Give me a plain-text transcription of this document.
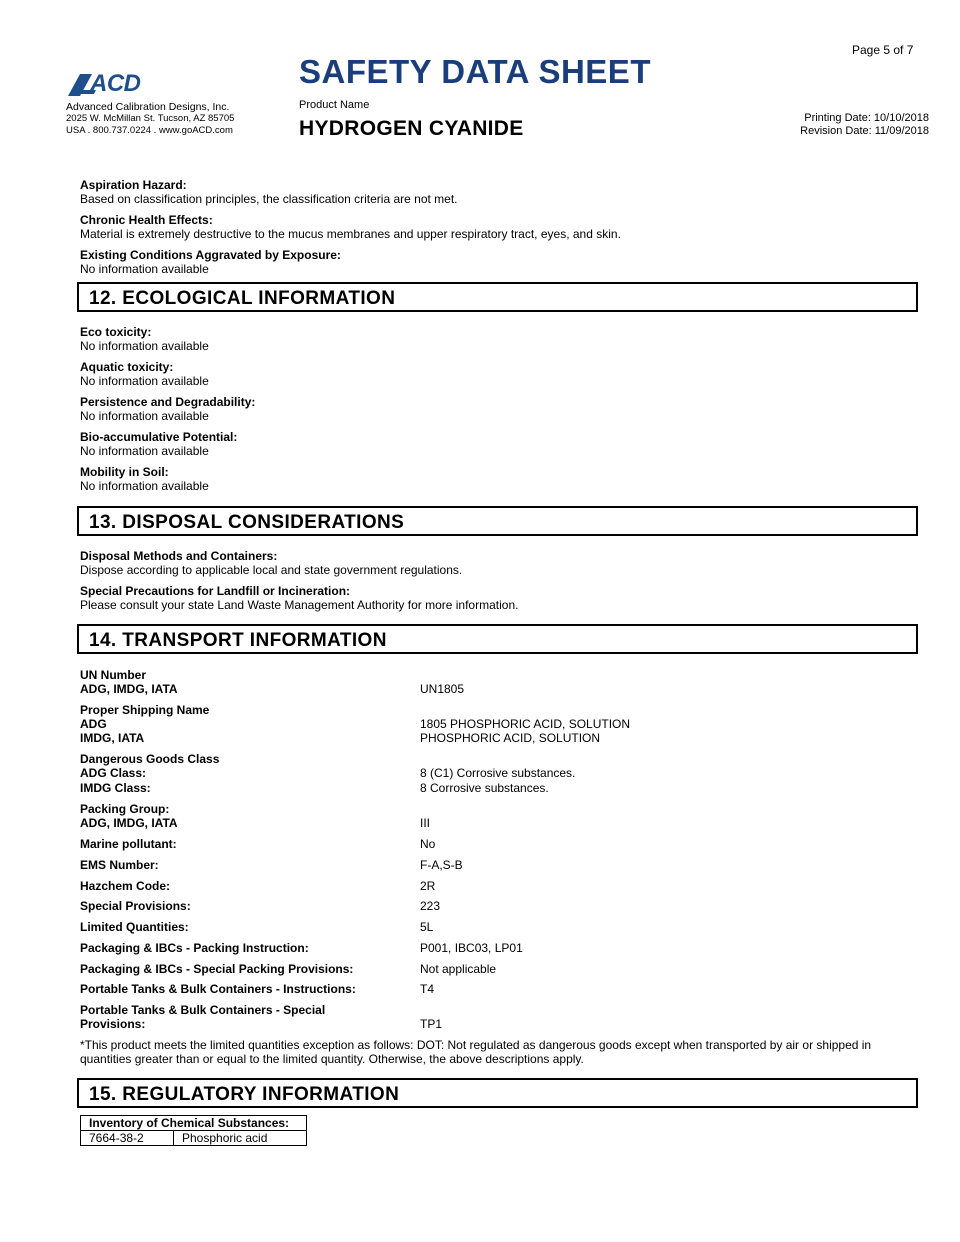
ACD
Advanced Calibration Designs, Inc.
2025 W. McMillan St. Tucson, AZ 85705
USA . 800.737.0224 . www.goACD.com
SAFETY DATA SHEET
Product Name
HYDROGEN CYANIDE
Page 5 of 7
Printing Date: 10/10/2018
Revision Date: 11/09/2018
Aspiration Hazard:
Based on classification principles, the classification criteria are not met.
Chronic Health Effects:
Material is extremely destructive to the mucus membranes and upper respiratory tract, eyes, and skin.
Existing Conditions Aggravated by Exposure:
No information available
12. ECOLOGICAL INFORMATION
Eco toxicity:
No information available
Aquatic toxicity:
No information available
Persistence and Degradability:
No information available
Bio-accumulative Potential:
No information available
Mobility in Soil:
No information available
13. DISPOSAL CONSIDERATIONS
Disposal Methods and Containers:
Dispose according to applicable local and state government regulations.
Special Precautions for Landfill or Incineration:
Please consult your state Land Waste Management Authority for more information.
14. TRANSPORT INFORMATION
UN Number
ADG, IMDG, IATA	UN1805
Proper Shipping Name
ADG	1805 PHOSPHORIC ACID, SOLUTION
IMDG, IATA	PHOSPHORIC ACID, SOLUTION
Dangerous Goods Class
ADG Class:	8 (C1) Corrosive substances.
IMDG Class:	8 Corrosive substances.
Packing Group:
ADG, IMDG, IATA	III
Marine pollutant:	No
EMS Number:	F-A,S-B
Hazchem Code:	2R
Special Provisions:	223
Limited Quantities:	5L
Packaging & IBCs - Packing Instruction:	P001, IBC03, LP01
Packaging & IBCs - Special Packing Provisions:	Not applicable
Portable Tanks & Bulk Containers - Instructions:	T4
Portable Tanks & Bulk Containers - Special
Provisions:	TP1
*This product meets the limited quantities exception as follows: DOT: Not regulated as dangerous goods except when transported by air or shipped in quantities greater than or equal to the limited quantity. Otherwise, the above descriptions apply.
15. REGULATORY INFORMATION
Inventory of Chemical Substances:
7664-38-2	Phosphoric acid
